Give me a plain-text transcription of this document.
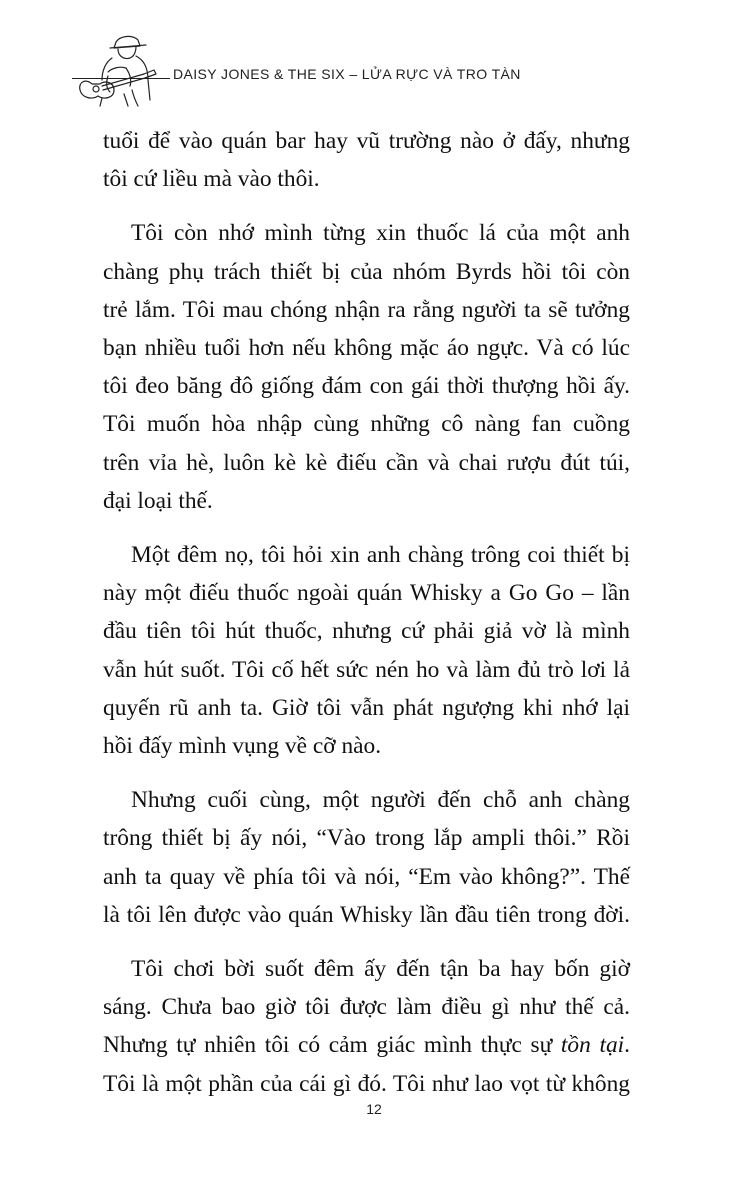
DAISY JONES & THE SIX – LỬA RỰC VÀ TRO TÀN

tuổi để vào quán bar hay vũ trường nào ở đấy, nhưng
tôi cứ liều mà vào thôi.

Tôi còn nhớ mình từng xin thuốc lá của một anh
chàng phụ trách thiết bị của nhóm Byrds hồi tôi còn
trẻ lắm. Tôi mau chóng nhận ra rằng người ta sẽ tưởng
bạn nhiều tuổi hơn nếu không mặc áo ngực. Và có lúc
tôi đeo băng đô giống đám con gái thời thượng hồi ấy.
Tôi muốn hòa nhập cùng những cô nàng fan cuồng
trên vỉa hè, luôn kè kè điếu cần và chai rượu đút túi,
đại loại thế.

Một đêm nọ, tôi hỏi xin anh chàng trông coi thiết bị
này một điếu thuốc ngoài quán Whisky a Go Go – lần
đầu tiên tôi hút thuốc, nhưng cứ phải giả vờ là mình
vẫn hút suốt. Tôi cố hết sức nén ho và làm đủ trò lơi lả
quyến rũ anh ta. Giờ tôi vẫn phát ngượng khi nhớ lại
hồi đấy mình vụng về cỡ nào.

Nhưng cuối cùng, một người đến chỗ anh chàng
trông thiết bị ấy nói, “Vào trong lắp ampli thôi.” Rồi
anh ta quay về phía tôi và nói, “Em vào không?”. Thế
là tôi lên được vào quán Whisky lần đầu tiên trong đời.

Tôi chơi bời suốt đêm ấy đến tận ba hay bốn giờ
sáng. Chưa bao giờ tôi được làm điều gì như thế cả.
Nhưng tự nhiên tôi có cảm giác mình thực sự tồn tại.
Tôi là một phần của cái gì đó. Tôi như lao vọt từ không

12
